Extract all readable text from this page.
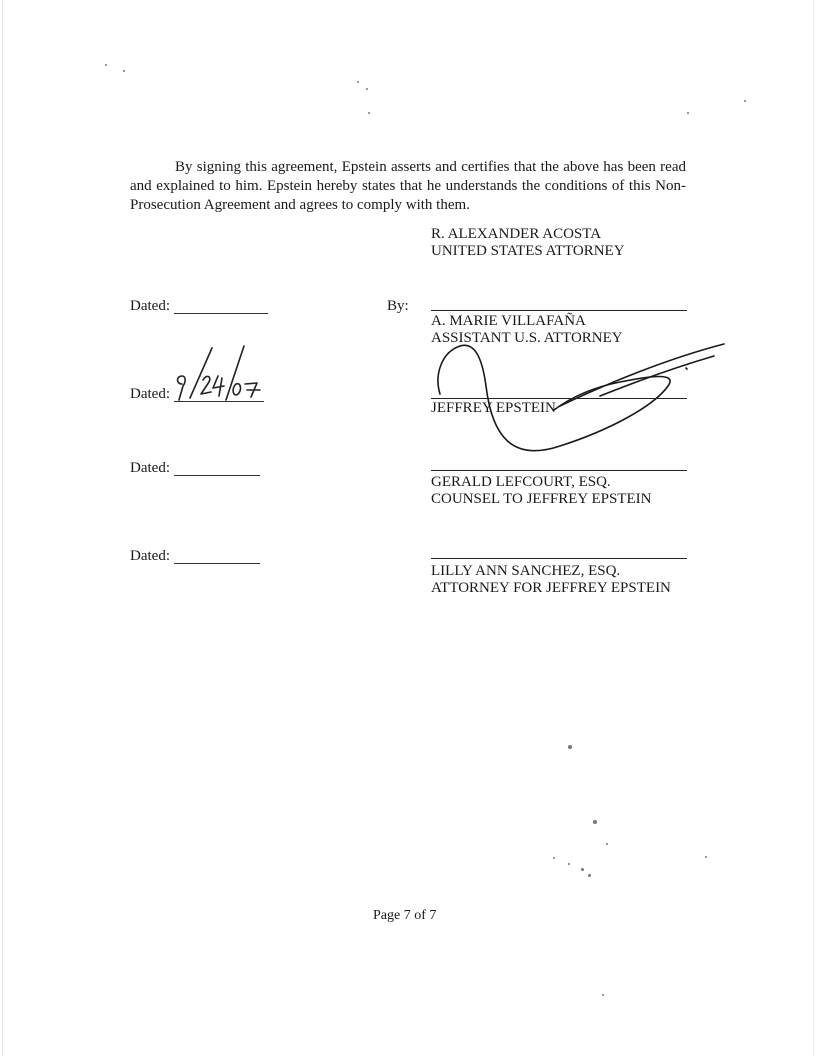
By signing this agreement, Epstein asserts and certifies that the above has been read and explained to him. Epstein hereby states that he understands the conditions of this Non-Prosecution Agreement and agrees to comply with them.

R. ALEXANDER ACOSTA
UNITED STATES ATTORNEY
Dated:	By:
A. MARIE VILLAFAÑA
ASSISTANT U.S. ATTORNEY
Dated:
JEFFREY EPSTEIN
Dated:
GERALD LEFCOURT, ESQ.
COUNSEL TO JEFFREY EPSTEIN
Dated:
LILLY ANN SANCHEZ, ESQ.
ATTORNEY FOR JEFFREY EPSTEIN
Page 7 of 7
